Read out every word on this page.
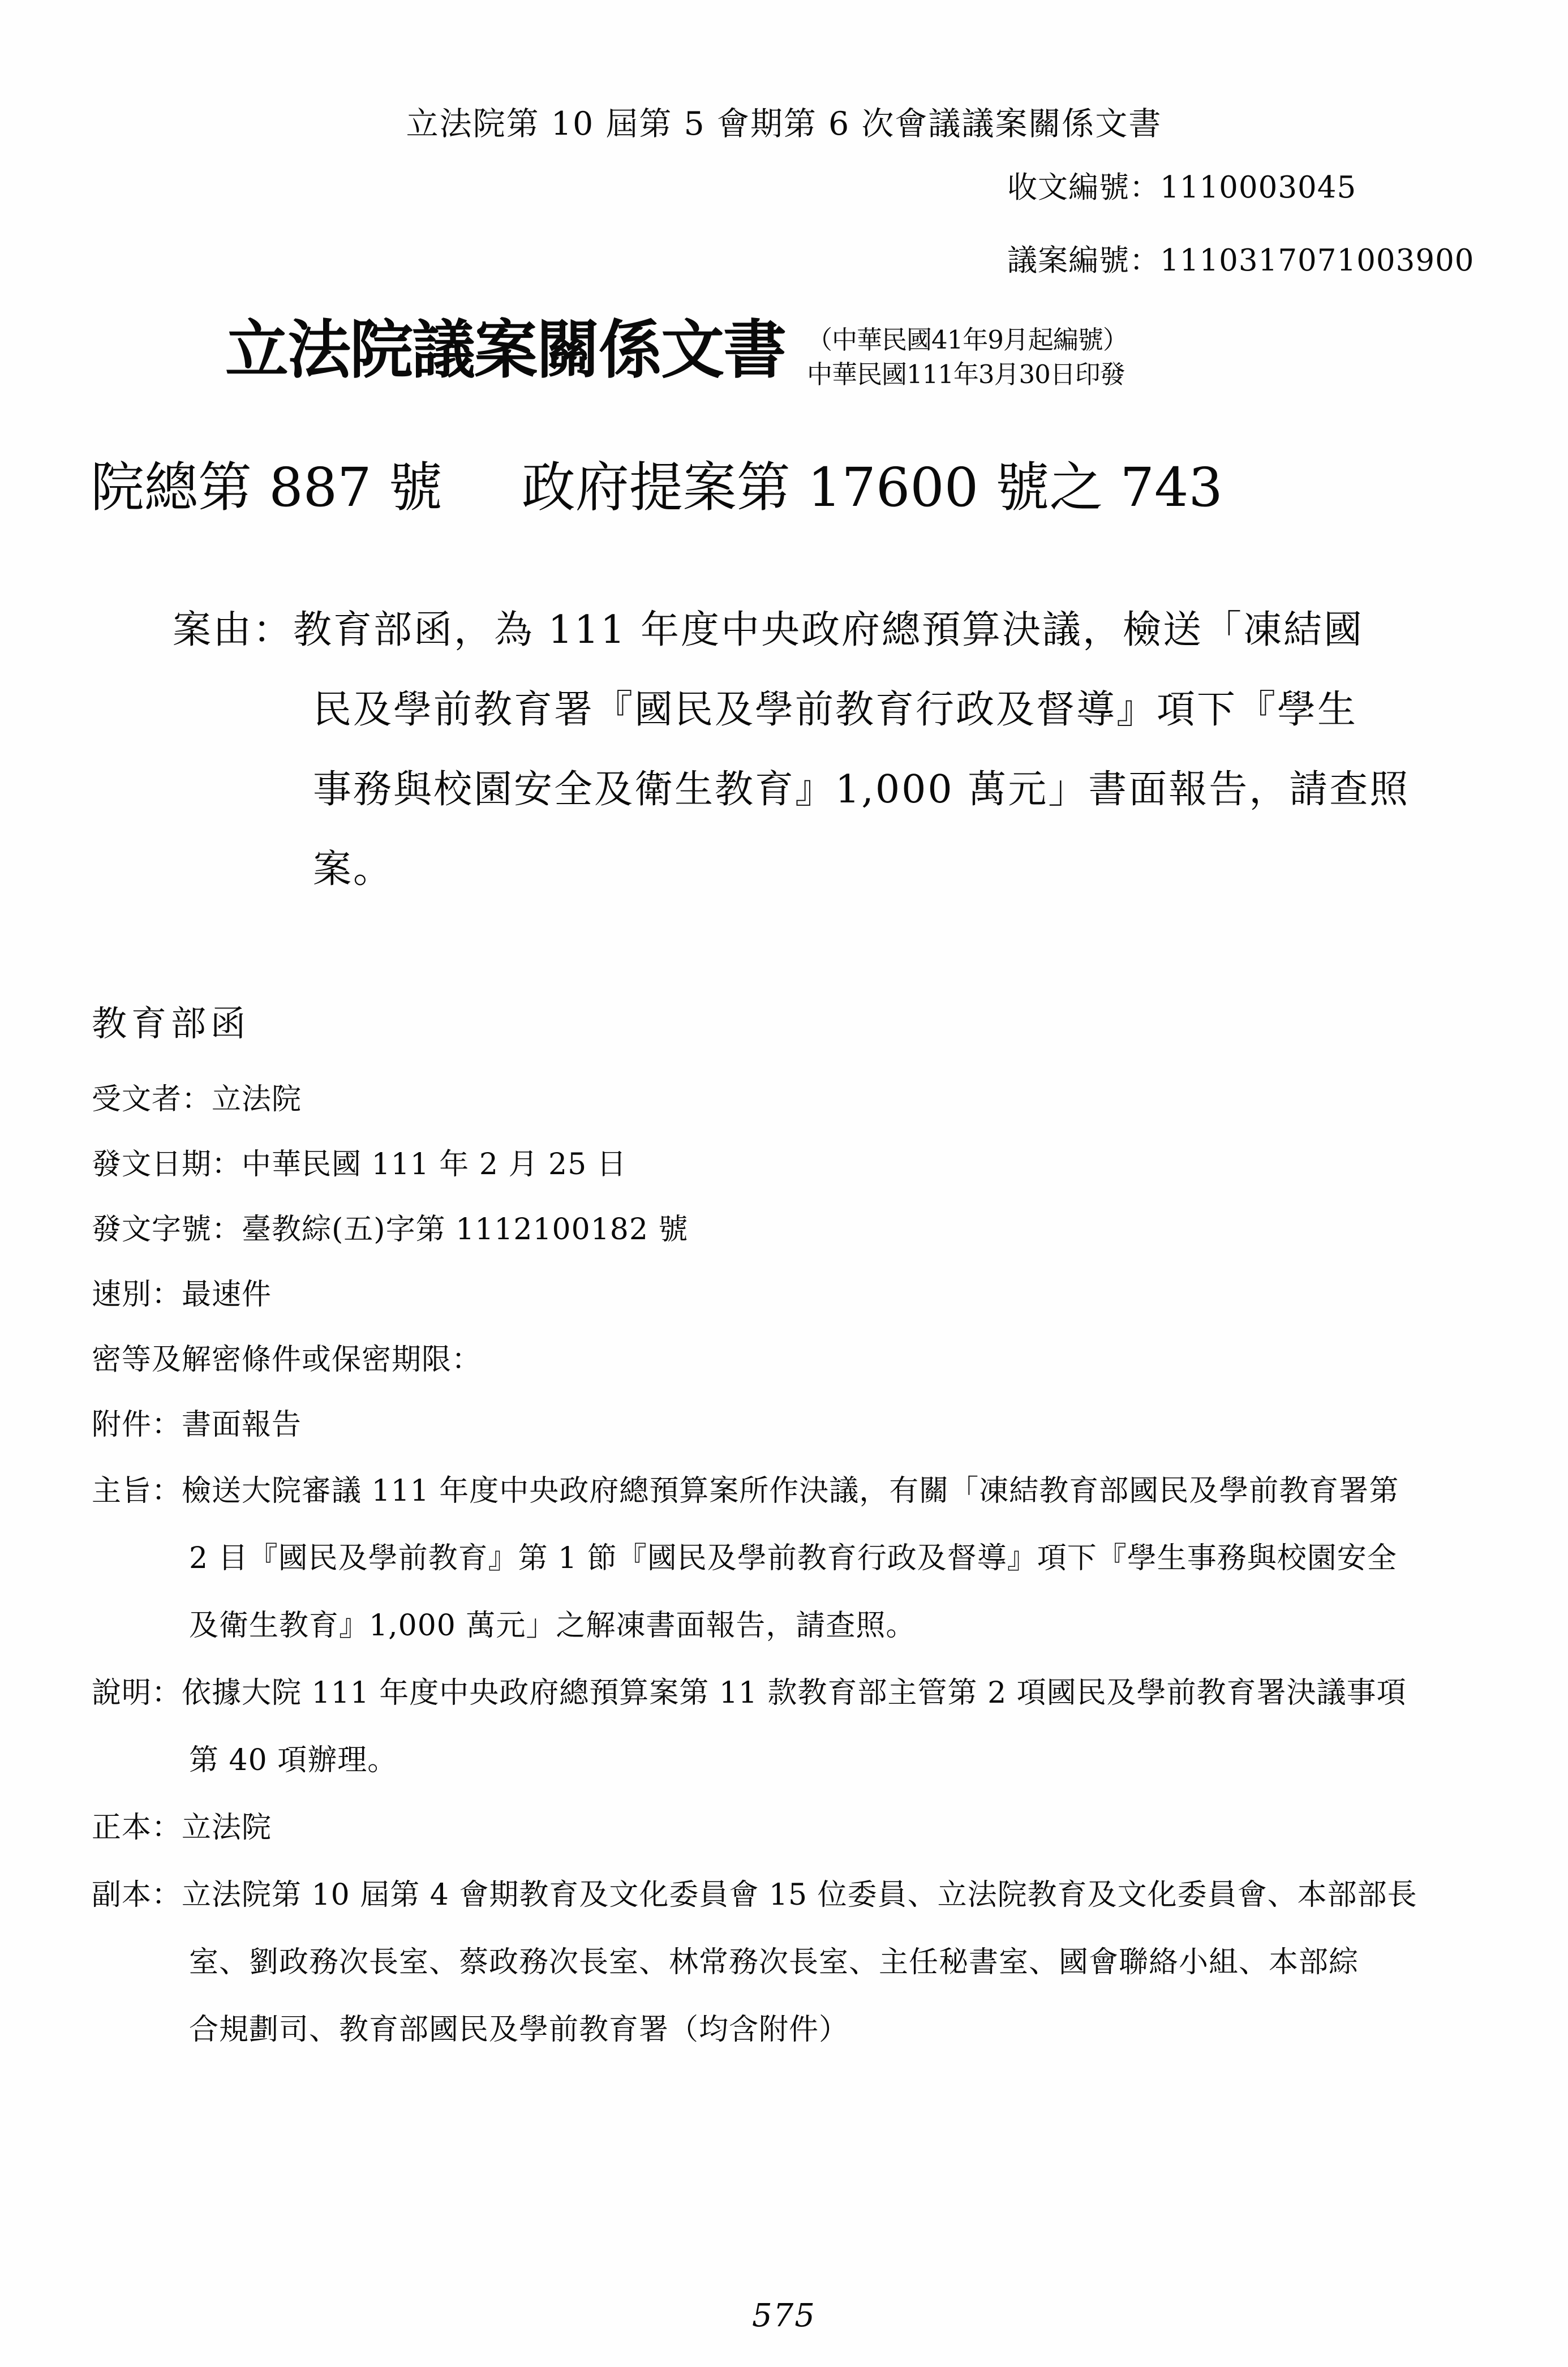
立法院第 10 屆第 5 會期第 6 次會議議案關係文書
收文編號：1110003045
議案編號：1110317071003900
立法院議案關係文書 （中華民國41年9月起編號）
中華民國111年3月30日印發
院總第 887 號 政府提案第 17600 號之 743
案由：教育部函，為 111 年度中央政府總預算決議，檢送「凍結國
民及學前教育署『國民及學前教育行政及督導』項下『學生
事務與校園安全及衛生教育』1,000 萬元」書面報告，請查照
案。
教育部函
受文者：立法院
發文日期：中華民國 111 年 2 月 25 日
發文字號：臺教綜(五)字第 1112100182 號
速別：最速件
密等及解密條件或保密期限：
附件：書面報告
主旨：檢送大院審議 111 年度中央政府總預算案所作決議，有關「凍結教育部國民及學前教育署第
2 目『國民及學前教育』第 1 節『國民及學前教育行政及督導』項下『學生事務與校園安全
及衛生教育』1,000 萬元」之解凍書面報告，請查照。
說明：依據大院 111 年度中央政府總預算案第 11 款教育部主管第 2 項國民及學前教育署決議事項
第 40 項辦理。
正本：立法院
副本：立法院第 10 屆第 4 會期教育及文化委員會 15 位委員、立法院教育及文化委員會、本部部長
室、劉政務次長室、蔡政務次長室、林常務次長室、主任秘書室、國會聯絡小組、本部綜
合規劃司、教育部國民及學前教育署（均含附件）
575
